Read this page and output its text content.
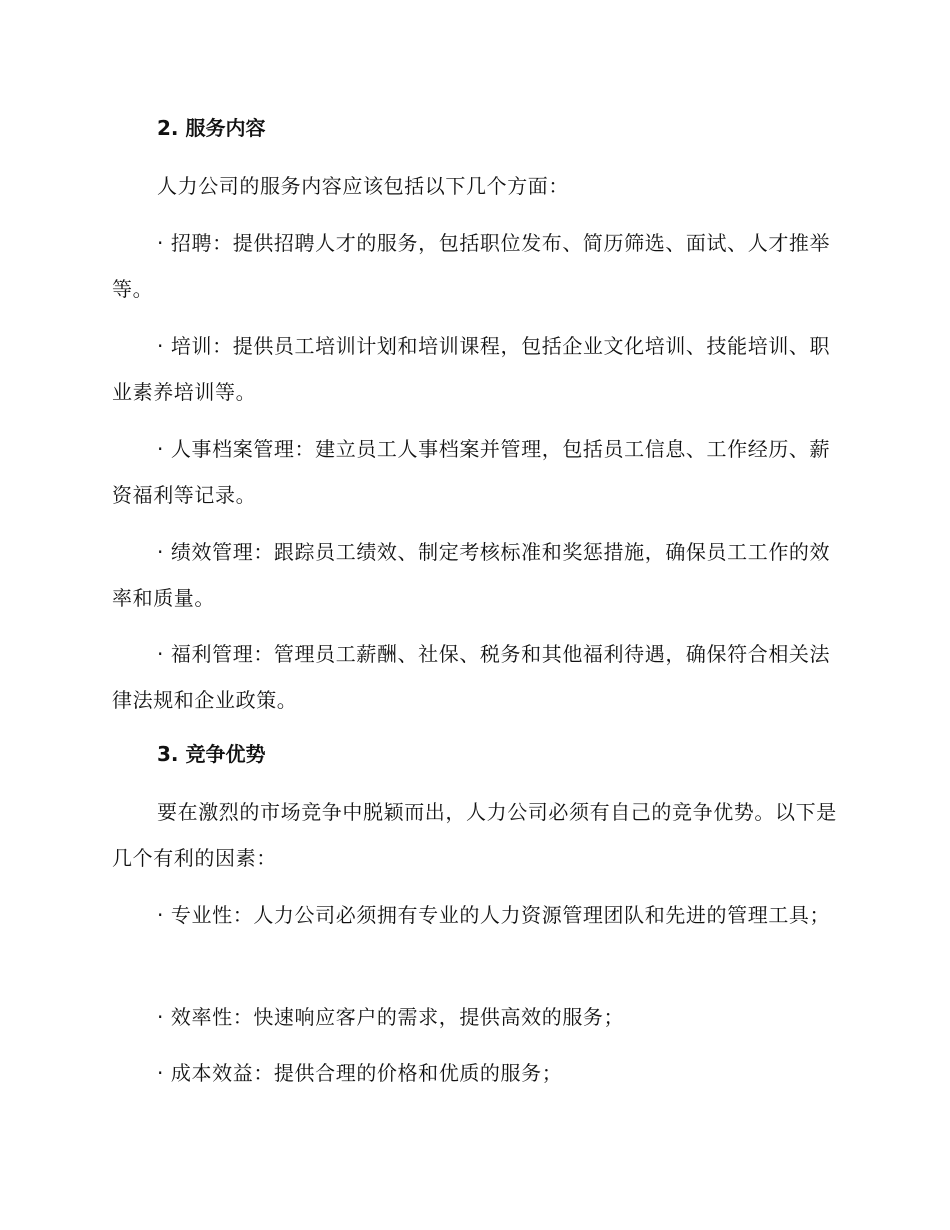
2. 服务内容

人力公司的服务内容应该包括以下几个方面：

· 招聘：提供招聘人才的服务，包括职位发布、简历筛选、面试、人才推举等。

· 培训：提供员工培训计划和培训课程，包括企业文化培训、技能培训、职业素养培训等。

· 人事档案管理：建立员工人事档案并管理，包括员工信息、工作经历、薪资福利等记录。

· 绩效管理：跟踪员工绩效、制定考核标准和奖惩措施，确保员工工作的效率和质量。

· 福利管理：管理员工薪酬、社保、税务和其他福利待遇，确保符合相关法律法规和企业政策。

3. 竞争优势

要在激烈的市场竞争中脱颖而出，人力公司必须有自己的竞争优势。以下是几个有利的因素：

· 专业性：人力公司必须拥有专业的人力资源管理团队和先进的管理工具；

· 效率性：快速响应客户的需求，提供高效的服务；

· 成本效益：提供合理的价格和优质的服务；
